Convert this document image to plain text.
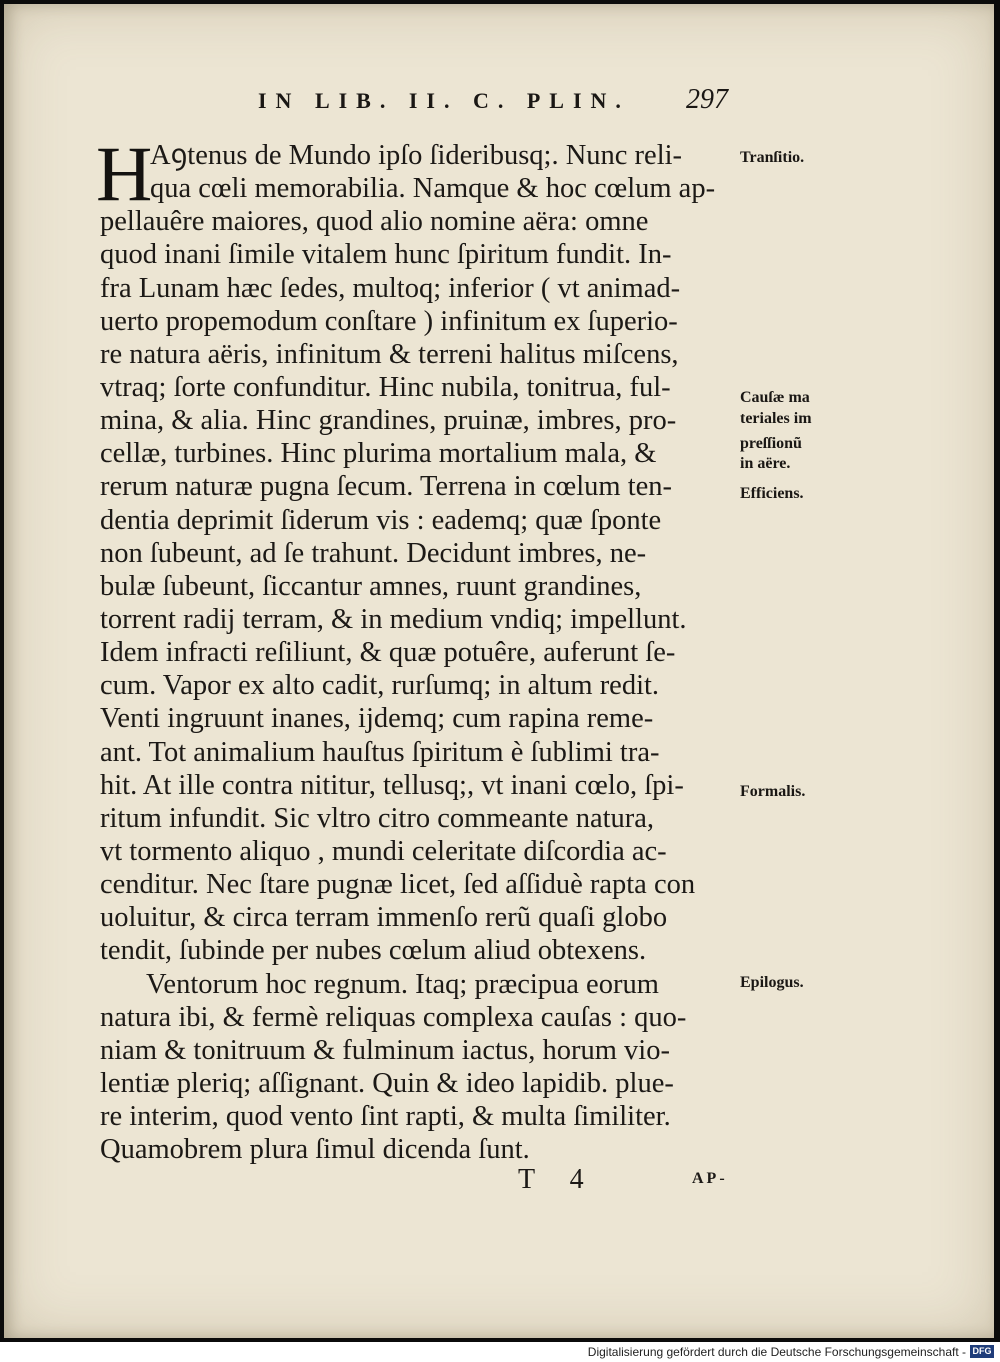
IN LIB. II. C. PLIN.	297
H
Aꝯtenus de Mundo ipſo ſideribusq;. Nunc reli-
qua cœli memorabilia. Namque & hoc cœlum ap-
pellauêre maiores, quod alio nomine aëra: omne
quod inani ſimile vitalem hunc ſpiritum fundit. In-
fra Lunam hæc ſedes, multoq; inferior ( vt animad-
uerto propemodum conſtare ) infinitum ex ſuperio-
re natura aëris, infinitum & terreni halitus miſcens,
vtraq; ſorte confunditur. Hinc nubila, tonitrua, ful-
mina, & alia. Hinc grandines, pruinæ, imbres, pro-
cellæ, turbines. Hinc plurima mortalium mala, &
rerum naturæ pugna ſecum. Terrena in cœlum ten-
dentia deprimit ſiderum vis : eademq; quæ ſponte
non ſubeunt, ad ſe trahunt. Decidunt imbres, ne-
bulæ ſubeunt, ſiccantur amnes, ruunt grandines,
torrent radij terram, & in medium vndiq; impellunt.
Idem infracti reſiliunt, & quæ potuêre, auferunt ſe-
cum. Vapor ex alto cadit, rurſumq; in altum redit.
Venti ingruunt inanes, ijdemq; cum rapina reme-
ant. Tot animalium hauſtus ſpiritum è ſublimi tra-
hit. At ille contra nititur, tellusq;, vt inani cœlo, ſpi-
ritum infundit. Sic vltro citro commeante natura,
vt tormento aliquo , mundi celeritate diſcordia ac-
cenditur. Nec ſtare pugnæ licet, ſed aſſiduè rapta con
uoluitur, & circa terram immenſo rerũ quaſi globo
tendit, ſubinde per nubes cœlum aliud obtexens.
Ventorum hoc regnum. Itaq; præcipua eorum
natura ibi, & fermè reliquas complexa cauſas : quo-
niam & tonitruum & fulminum iactus, horum vio-
lentiæ pleriq; aſſignant. Quin & ideo lapidib. plue-
re interim, quod vento ſint rapti, & multa ſimiliter.
Quamobrem plura ſimul dicenda ſunt.
Tranſitio.
Cauſæ ma
teriales im
preſſionũ
in aëre.
Efficiens.
Formalis.
Epilogus.
T 4	AP-
Digitalisierung gefördert durch die Deutsche Forschungsgemeinschaft - DFG
